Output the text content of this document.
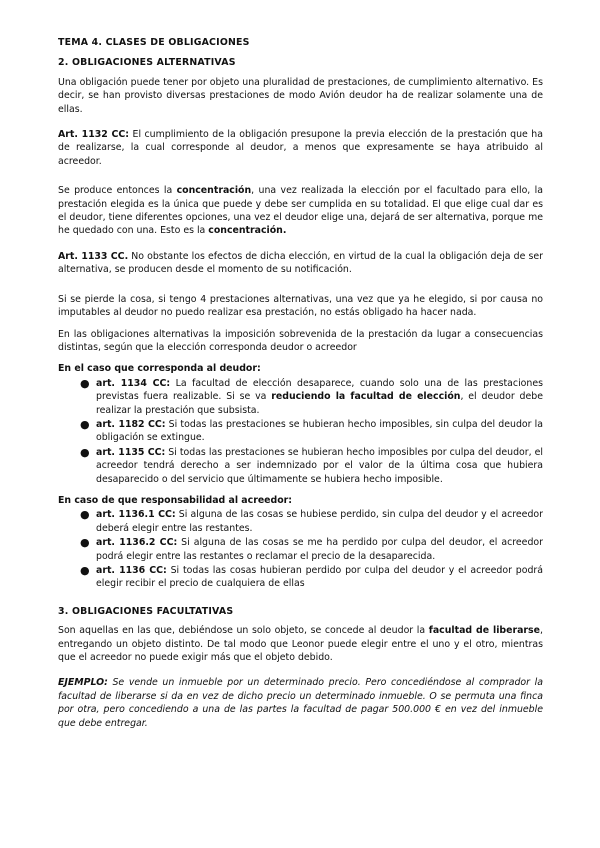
TEMA 4. CLASES DE OBLIGACIONES
2. OBLIGACIONES ALTERNATIVAS

Una obligación puede tener por objeto una pluralidad de prestaciones, de cumplimiento alternativo. Es decir, se han provisto diversas prestaciones de modo Avión deudor ha de realizar solamente una de ellas.

Art. 1132 CC: El cumplimiento de la obligación presupone la previa elección de la prestación que ha de realizarse, la cual corresponde al deudor, a menos que expresamente se haya atribuido al acreedor.

Se produce entonces la concentración, una vez realizada la elección por el facultado para ello, la prestación elegida es la única que puede y debe ser cumplida en su totalidad. El que elige cual dar es el deudor, tiene diferentes opciones, una vez el deudor elige una, dejará de ser alternativa, porque me he quedado con una. Esto es la concentración.

Art. 1133 CC. No obstante los efectos de dicha elección, en virtud de la cual la obligación deja de ser alternativa, se producen desde el momento de su notificación.

Si se pierde la cosa, si tengo 4 prestaciones alternativas, una vez que ya he elegido, si por causa no imputables al deudor no puedo realizar esa prestación, no estás obligado ha hacer nada.

En las obligaciones alternativas la imposición sobrevenida de la prestación da lugar a consecuencias distintas, según que la elección corresponda deudor o acreedor

En el caso que corresponda al deudor:
● art. 1134 CC: La facultad de elección desaparece, cuando solo una de las prestaciones previstas fuera realizable. Si se va reduciendo la facultad de elección, el deudor debe realizar la prestación que subsista.
● art. 1182 CC: Si todas las prestaciones se hubieran hecho imposibles, sin culpa del deudor la obligación se extingue.
● art. 1135 CC: Si todas las prestaciones se hubieran hecho imposibles por culpa del deudor, el acreedor tendrá derecho a ser indemnizado por el valor de la última cosa que hubiera desaparecido o del servicio que últimamente se hubiera hecho imposible.
En caso de que responsabilidad al acreedor:
● art. 1136.1 CC: Si alguna de las cosas se hubiese perdido, sin culpa del deudor y el acreedor deberá elegir entre las restantes.
● art. 1136.2 CC: Si alguna de las cosas se me ha perdido por culpa del deudor, el acreedor podrá elegir entre las restantes o reclamar el precio de la desaparecida.
● art. 1136 CC: Si todas las cosas hubieran perdido por culpa del deudor y el acreedor podrá elegir recibir el precio de cualquiera de ellas
3. OBLIGACIONES FACULTATIVAS

Son aquellas en las que, debiéndose un solo objeto, se concede al deudor la facultad de liberarse, entregando un objeto distinto. De tal modo que Leonor puede elegir entre el uno y el otro, mientras que el acreedor no puede exigir más que el objeto debido.

EJEMPLO: Se vende un inmueble por un determinado precio. Pero concediéndose al comprador la facultad de liberarse si da en vez de dicho precio un determinado inmueble. O se permuta una finca por otra, pero concediendo a una de las partes la facultad de pagar 500.000 € en vez del inmueble que debe entregar.
